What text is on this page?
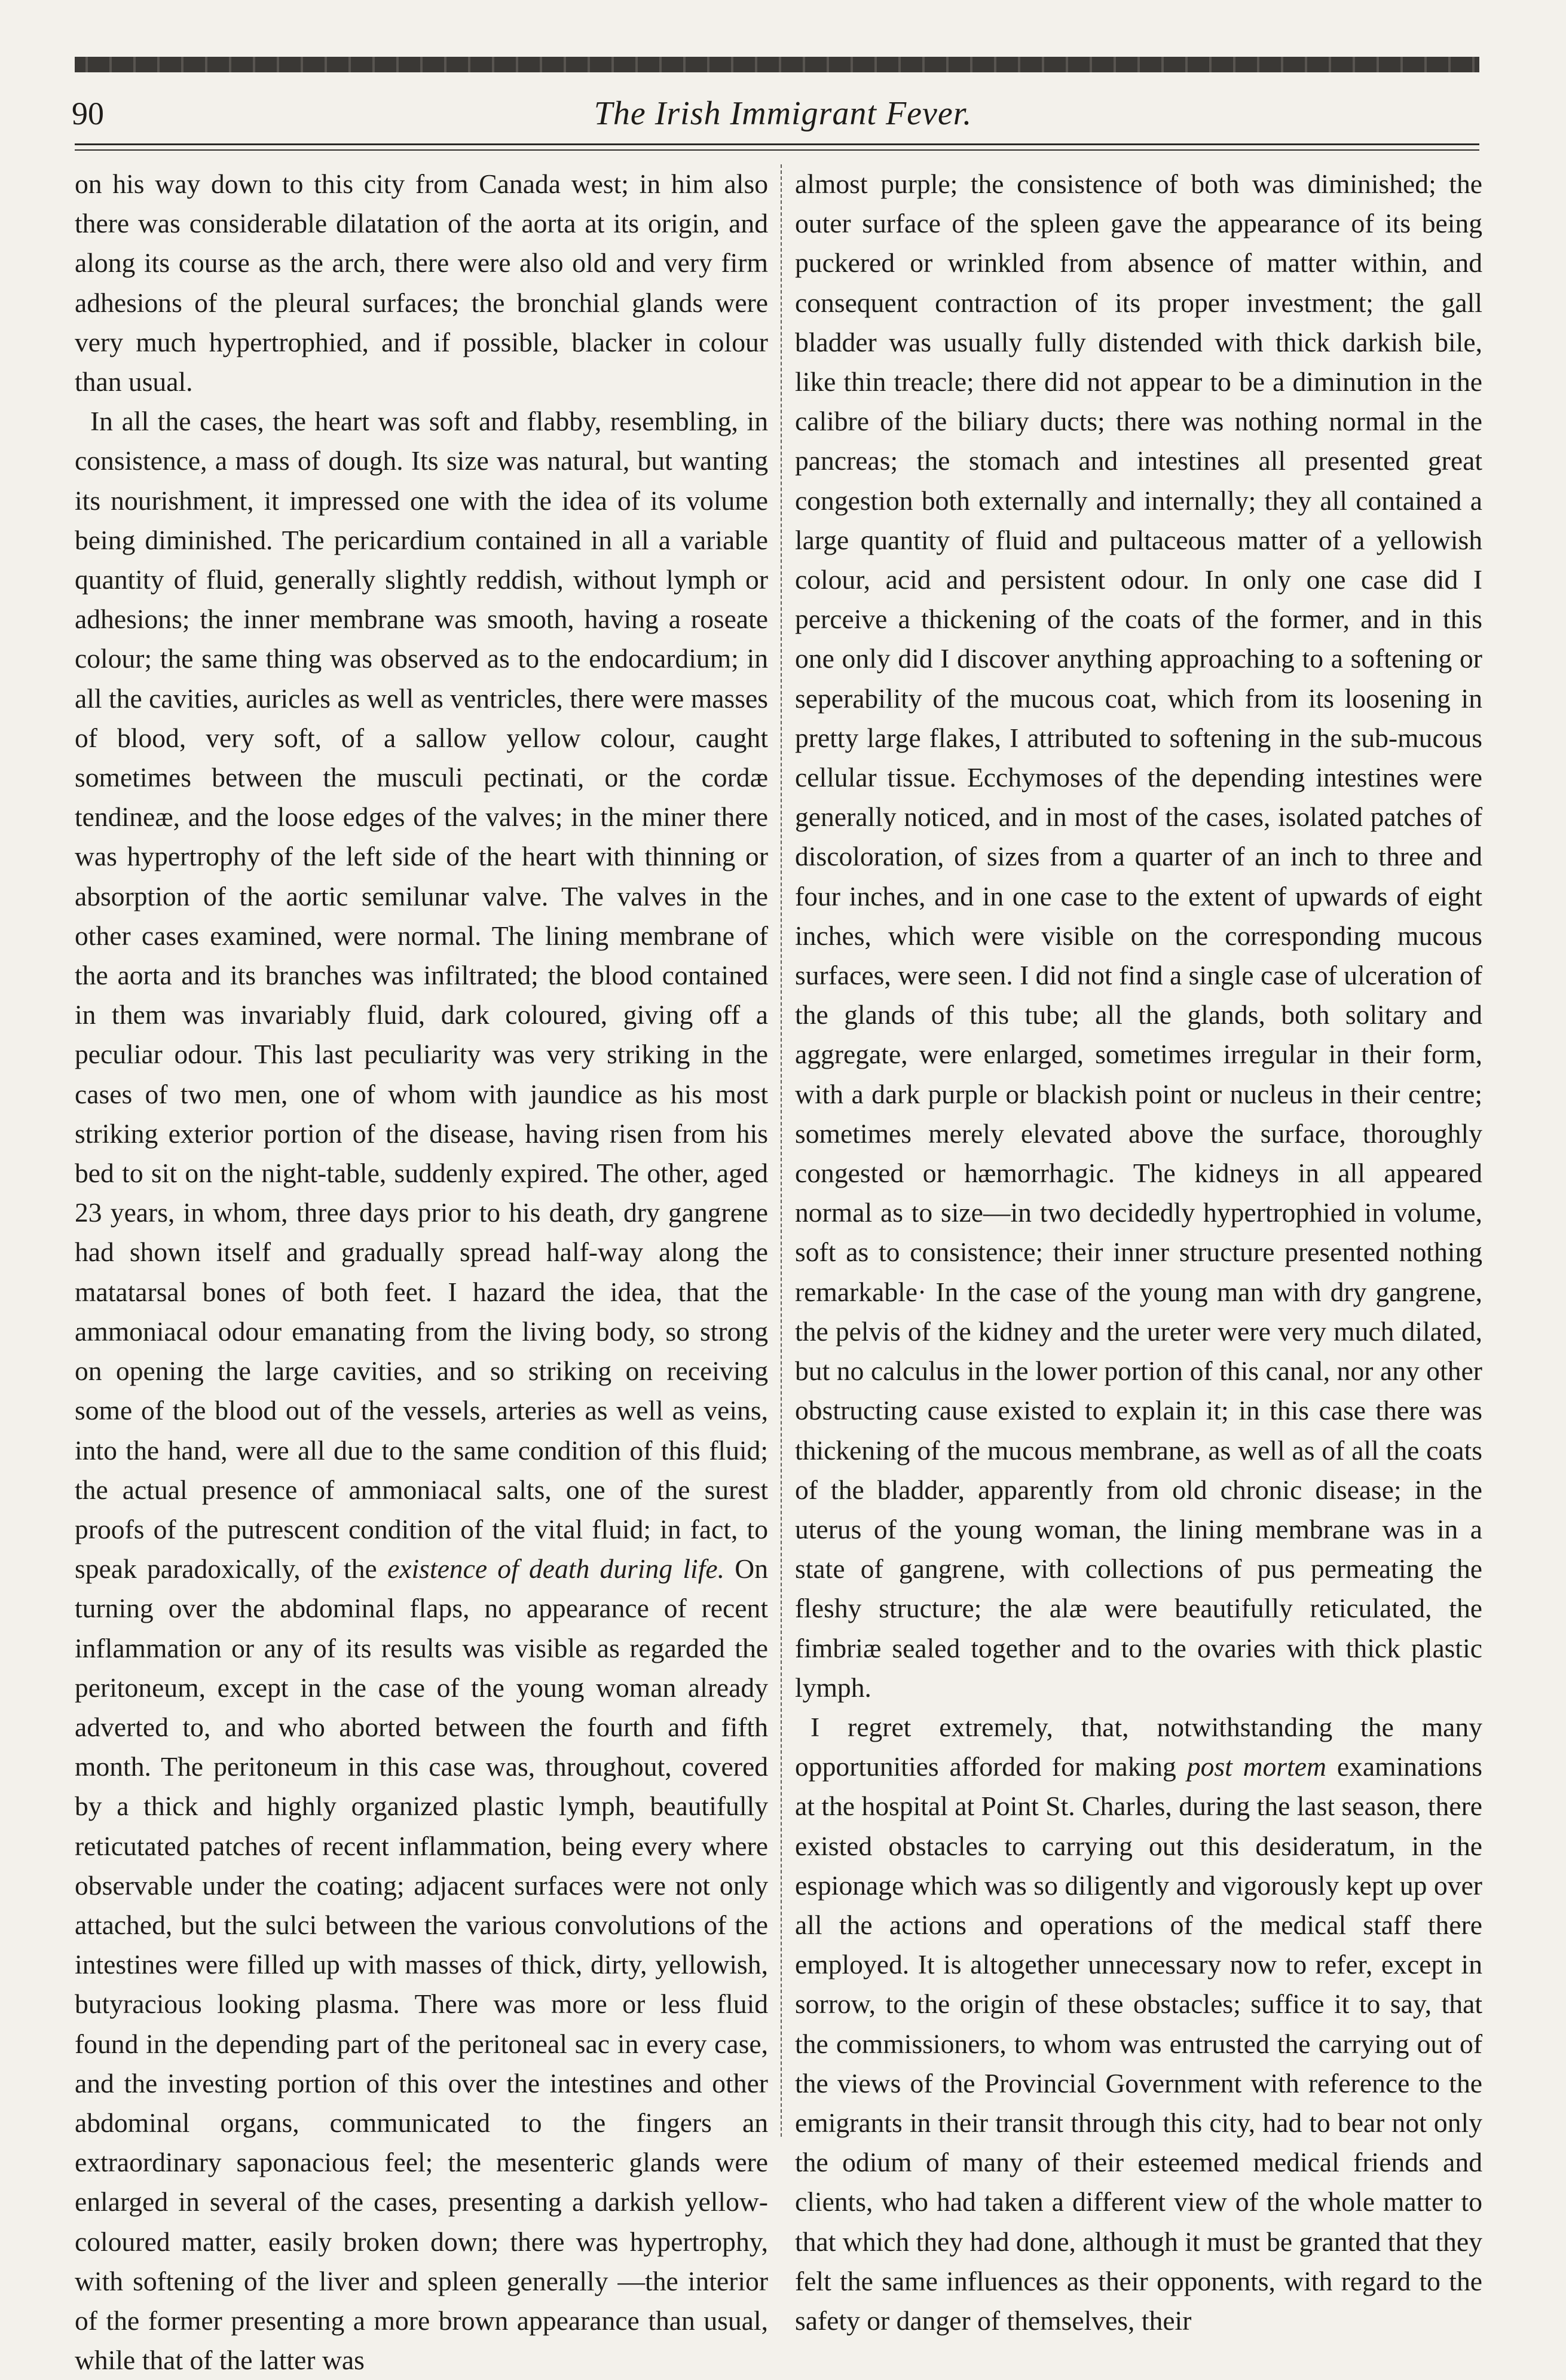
90	The Irish Immigrant Fever.

on his way down to this city from Canada west; in him also there was considerable dilatation of the aorta at its origin, and along its course as the arch, there were also old and very firm adhesions of the pleural surfaces; the bronchial glands were very much hypertrophied, and if possible, blacker in colour than usual.

In all the cases, the heart was soft and flabby, resembling, in consistence, a mass of dough. Its size was natural, but wanting its nourishment, it impressed one with the idea of its volume being diminished. The pericardium contained in all a variable quantity of fluid, generally slightly reddish, without lymph or adhesions; the inner membrane was smooth, having a roseate colour; the same thing was observed as to the endocardium; in all the cavities, auricles as well as ventricles, there were masses of blood, very soft, of a sallow yellow colour, caught sometimes between the musculi pectinati, or the cordæ tendineæ, and the loose edges of the valves; in the miner there was hypertrophy of the left side of the heart with thinning or absorption of the aortic semilunar valve. The valves in the other cases examined, were normal. The lining membrane of the aorta and its branches was infiltrated; the blood contained in them was invariably fluid, dark coloured, giving off a peculiar odour. This last peculiarity was very striking in the cases of two men, one of whom with jaundice as his most striking exterior portion of the disease, having risen from his bed to sit on the night-table, suddenly expired. The other, aged 23 years, in whom, three days prior to his death, dry gangrene had shown itself and gradually spread half-way along the matatarsal bones of both feet. I hazard the idea, that the ammoniacal odour emanating from the living body, so strong on opening the large cavities, and so striking on receiving some of the blood out of the vessels, arteries as well as veins, into the hand, were all due to the same condition of this fluid; the actual presence of ammoniacal salts, one of the surest proofs of the putrescent condition of the vital fluid; in fact, to speak paradoxically, of the existence of death during life. On turning over the abdominal flaps, no appearance of recent inflammation or any of its results was visible as regarded the peritoneum, except in the case of the young woman already adverted to, and who aborted between the fourth and fifth month. The peritoneum in this case was, throughout, covered by a thick and highly organized plastic lymph, beautifully reticutated patches of recent inflammation, being every where observable under the coating; adjacent surfaces were not only attached, but the sulci between the various convolutions of the intestines were filled up with masses of thick, dirty, yellowish, butyracious looking plasma. There was more or less fluid found in the depending part of the peritoneal sac in every case, and the investing portion of this over the intestines and other abdominal organs, communicated to the fingers an extraordinary saponacious feel; the mesenteric glands were enlarged in several of the cases, presenting a darkish yellow-coloured matter, easily broken down; there was hypertrophy, with softening of the liver and spleen generally —the interior of the former presenting a more brown appearance than usual, while that of the latter was

almost purple; the consistence of both was diminished; the outer surface of the spleen gave the appearance of its being puckered or wrinkled from absence of matter within, and consequent contraction of its proper investment; the gall bladder was usually fully distended with thick darkish bile, like thin treacle; there did not appear to be a diminution in the calibre of the biliary ducts; there was nothing normal in the pancreas; the stomach and intestines all presented great congestion both externally and internally; they all contained a large quantity of fluid and pultaceous matter of a yellowish colour, acid and persistent odour. In only one case did I perceive a thickening of the coats of the former, and in this one only did I discover anything approaching to a softening or seperability of the mucous coat, which from its loosening in pretty large flakes, I attributed to softening in the sub-mucous cellular tissue. Ecchymoses of the depending intestines were generally noticed, and in most of the cases, isolated patches of discoloration, of sizes from a quarter of an inch to three and four inches, and in one case to the extent of upwards of eight inches, which were visible on the corresponding mucous surfaces, were seen. I did not find a single case of ulceration of the glands of this tube; all the glands, both solitary and aggregate, were enlarged, sometimes irregular in their form, with a dark purple or blackish point or nucleus in their centre; sometimes merely elevated above the surface, thoroughly congested or hæmorrhagic. The kidneys in all appeared normal as to size—in two decidedly hypertrophied in volume, soft as to consistence; their inner structure presented nothing remarkable· In the case of the young man with dry gangrene, the pelvis of the kidney and the ureter were very much dilated, but no calculus in the lower portion of this canal, nor any other obstructing cause existed to explain it; in this case there was thickening of the mucous membrane, as well as of all the coats of the bladder, apparently from old chronic disease; in the uterus of the young woman, the lining membrane was in a state of gangrene, with collections of pus permeating the fleshy structure; the alæ were beautifully reticulated, the fimbriæ sealed together and to the ovaries with thick plastic lymph.

I regret extremely, that, notwithstanding the many opportunities afforded for making post mortem examinations at the hospital at Point St. Charles, during the last season, there existed obstacles to carrying out this desideratum, in the espionage which was so diligently and vigorously kept up over all the actions and operations of the medical staff there employed. It is altogether unnecessary now to refer, except in sorrow, to the origin of these obstacles; suffice it to say, that the commissioners, to whom was entrusted the carrying out of the views of the Provincial Government with reference to the emigrants in their transit through this city, had to bear not only the odium of many of their esteemed medical friends and clients, who had taken a different view of the whole matter to that which they had done, although it must be granted that they felt the same influences as their opponents, with regard to the safety or danger of themselves, their
